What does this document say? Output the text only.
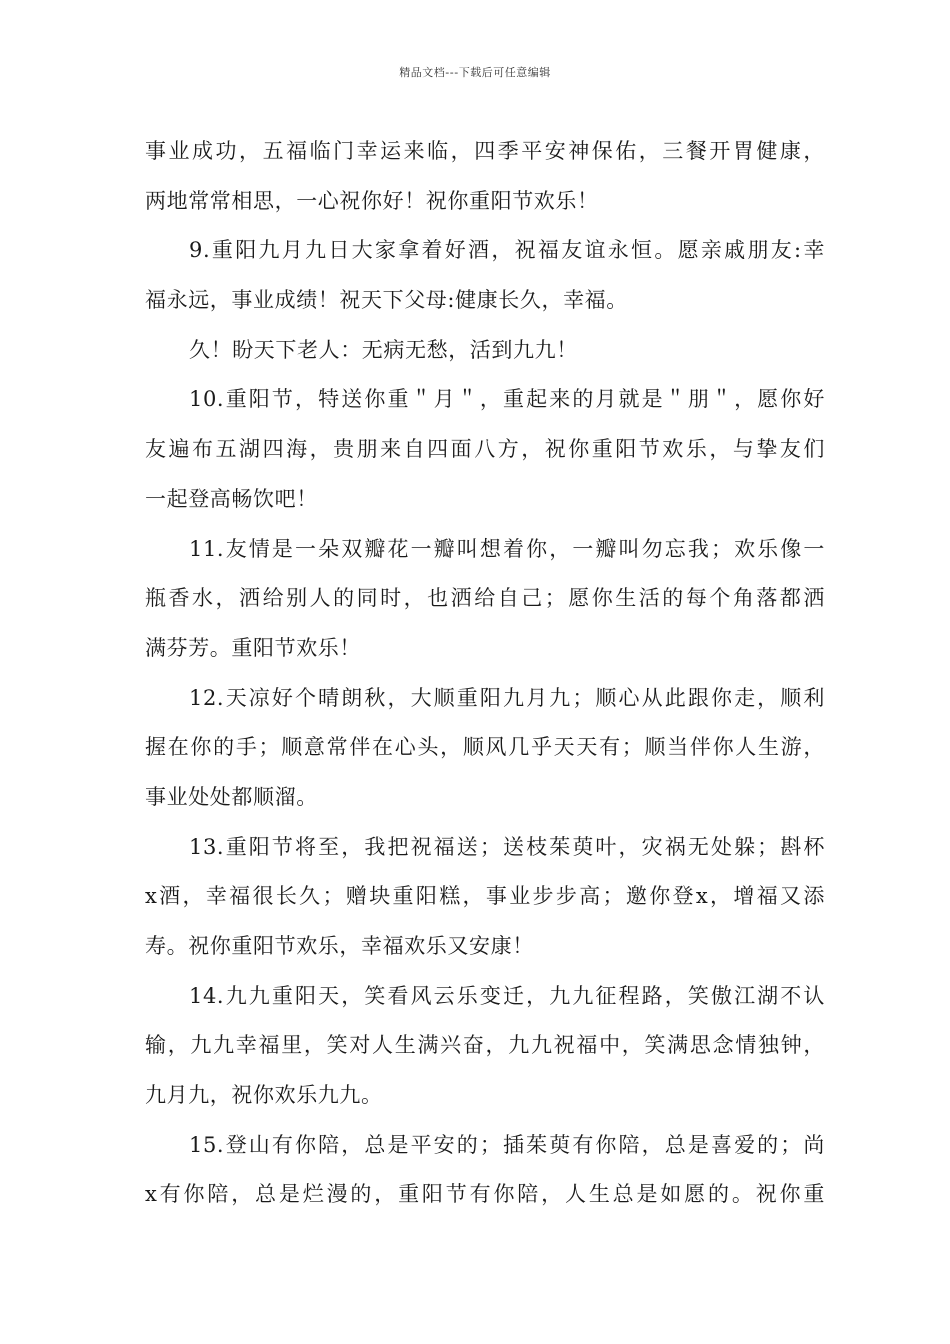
精品文档---下载后可任意编辑
事业成功，五福临门幸运来临，四季平安神保佑，三餐开胃健康，
两地常常相思，一心祝你好！祝你重阳节欢乐！
9.重阳九月九日大家拿着好酒，祝福友谊永恒。愿亲戚朋友:幸
福永远，事业成绩！祝天下父母:健康长久，幸福。
久！盼天下老人：无病无愁，活到九九！
10.重阳节，特送你重＂月＂，重起来的月就是＂朋＂，愿你好
友遍布五湖四海，贵朋来自四面八方，祝你重阳节欢乐，与挚友们
一起登高畅饮吧！
11.友情是一朵双瓣花一瓣叫想着你，一瓣叫勿忘我；欢乐像一
瓶香水，洒给别人的同时，也洒给自己；愿你生活的每个角落都洒
满芬芳。重阳节欢乐！
12.天凉好个晴朗秋，大顺重阳九月九；顺心从此跟你走，顺利
握在你的手；顺意常伴在心头，顺风几乎天天有；顺当伴你人生游，
事业处处都顺溜。
13.重阳节将至，我把祝福送；送枝茱萸叶，灾祸无处躲；斟杯
x酒，幸福很长久；赠块重阳糕，事业步步高；邀你登x，增福又添
寿。祝你重阳节欢乐，幸福欢乐又安康！
14.九九重阳天，笑看风云乐变迁，九九征程路，笑傲江湖不认
输，九九幸福里，笑对人生满兴奋，九九祝福中，笑满思念情独钟，
九月九，祝你欢乐九九。
15.登山有你陪，总是平安的；插茱萸有你陪，总是喜爱的；尚
x有你陪，总是烂漫的，重阳节有你陪，人生总是如愿的。祝你重
